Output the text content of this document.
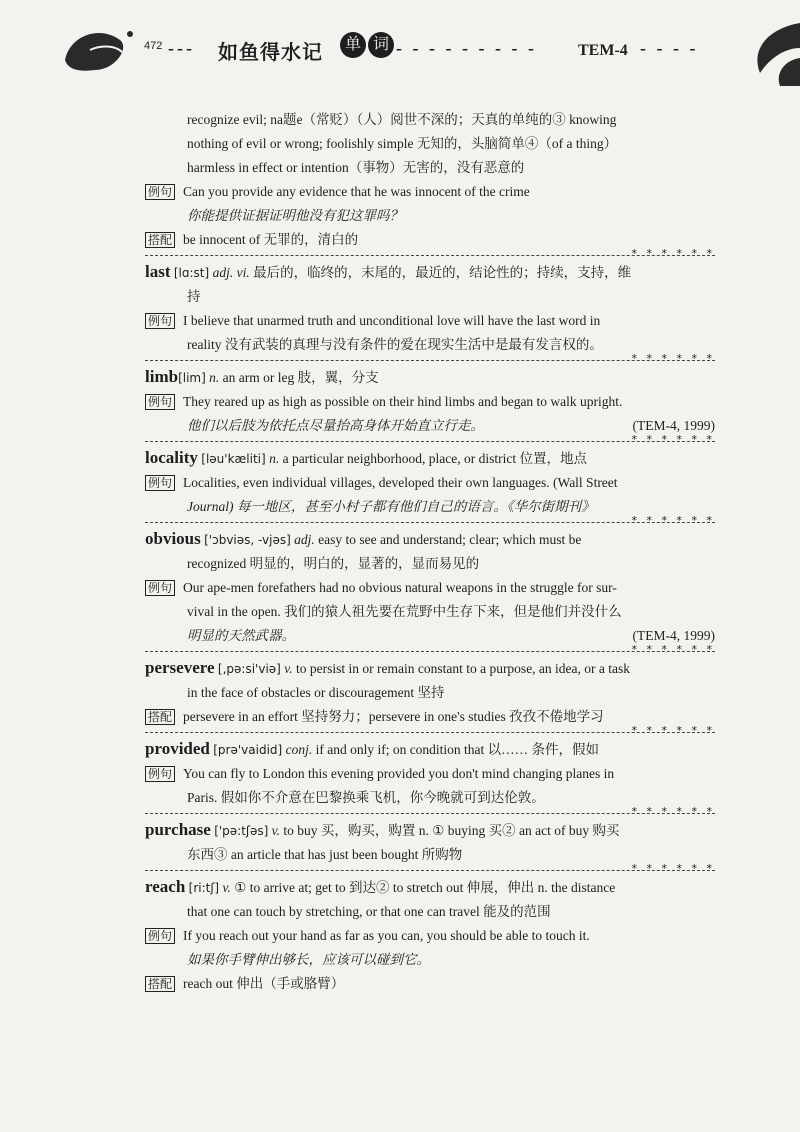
472 --- 如鱼得水记	单 词 - - - - - - - - -	TEM-4 - - - -
recognize evil; na题e（常贬）（人）阅世不深的；天真的单纯的③ knowing
nothing of evil or wrong; foolishly simple 无知的，头脑简单④（of a thing）
harmless in effect or intention（事物）无害的，没有恶意的
例句 Can you provide any evidence that he was innocent of the crime
你能提供证据证明他没有犯这罪吗？
搭配 be innocent of 无罪的，清白的
* * * * * *
last [lɑ:st] adj. vi. 最后的，临终的，末尾的，最近的，结论性的；持续，支持，维
持
例句 I believe that unarmed truth and unconditional love will have the last word in
reality 没有武装的真理与没有条件的爱在现实生活中是最有发言权的。
* * * * * *
limb[lim] n. an arm or leg 肢，翼，分支
例句 They reared up as high as possible on their hind limbs and began to walk upright.
他们以后肢为依托点尽量抬高身体开始直立行走。	(TEM-4, 1999)
* * * * * *
locality [ləu'kæliti] n. a particular neighborhood, place, or district 位置，地点
例句 Localities, even individual villages, developed their own languages. (Wall Street
Journal) 每一地区，甚至小村子都有他们自己的语言。《华尔街期刊》
* * * * * *
obvious ['ɔbviəs, -vjəs] adj. easy to see and understand; clear; which must be
recognized 明显的，明白的，显著的，显而易见的
例句 Our ape-men forefathers had no obvious natural weapons in the struggle for sur-
vival in the open. 我们的猿人祖先要在荒野中生存下来，但是他们并没什么
明显的天然武器。	(TEM-4, 1999)
* * * * * *
persevere [,pə:si'viə] v. to persist in or remain constant to a purpose, an idea, or a task
in the face of obstacles or discouragement 坚持
搭配 persevere in an effort 坚持努力；persevere in one's studies 孜孜不倦地学习
* * * * * *
provided [prə'vaidid] conj. if and only if; on condition that 以…… 条件，假如
例句 You can fly to London this evening provided you don't mind changing planes in
Paris. 假如你不介意在巴黎换乘飞机，你今晚就可到达伦敦。
* * * * * *
purchase ['pə:tʃəs] v. to buy 买，购买，购置 n. ① buying 买② an act of buy 购买
东西③ an article that has just been bought 所购物
* * * * * *
reach [ri:tʃ] v. ① to arrive at; get to 到达② to stretch out 伸展，伸出 n. the distance
that one can touch by stretching, or that one can travel 能及的范围
例句 If you reach out your hand as far as you can, you should be able to touch it.
如果你手臂伸出够长，应该可以碰到它。
搭配 reach out 伸出（手或胳臂）
